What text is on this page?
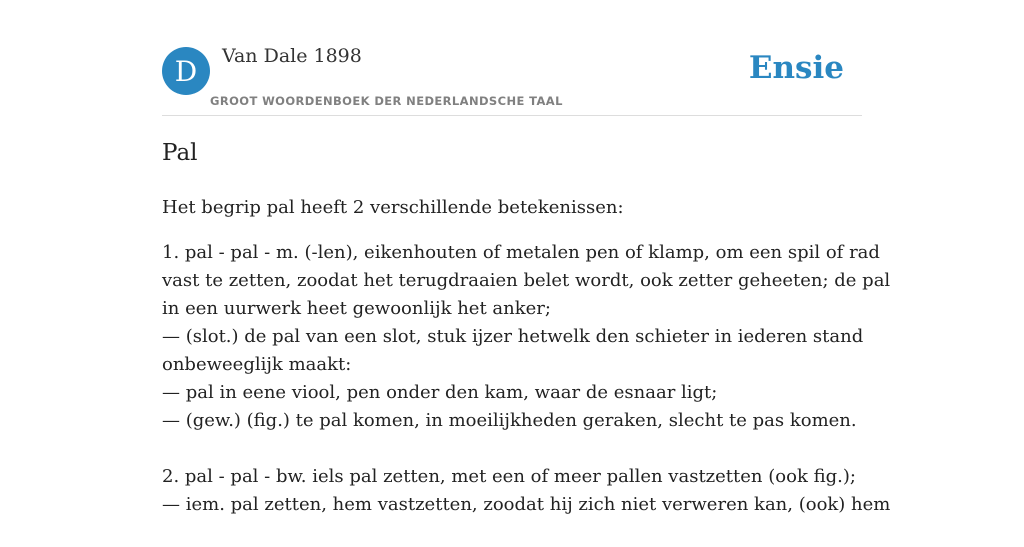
D Van Dale 1898
GROOT WOORDENBOEK DER NEDERLANDSCHE TAAL
Ensie
Pal
Het begrip pal heeft 2 verschillende betekenissen:
1. pal - pal - m. (-len), eikenhouten of metalen pen of klamp, om een spil of rad
vast te zetten, zoodat het terugdraaien belet wordt, ook zetter geheeten; de pal
in een uurwerk heet gewoonlijk het anker;
— (slot.) de pal van een slot, stuk ijzer hetwelk den schieter in iederen stand
onbeweeglijk maakt:
— pal in eene viool, pen onder den kam, waar de esnaar ligt;
— (gew.) (fig.) te pal komen, in moeilijkheden geraken, slecht te pas komen.
2. pal - pal - bw. iels pal zetten, met een of meer pallen vastzetten (ook fig.);
— iem. pal zetten, hem vastzetten, zoodat hij zich niet verweren kan, (ook) hem
